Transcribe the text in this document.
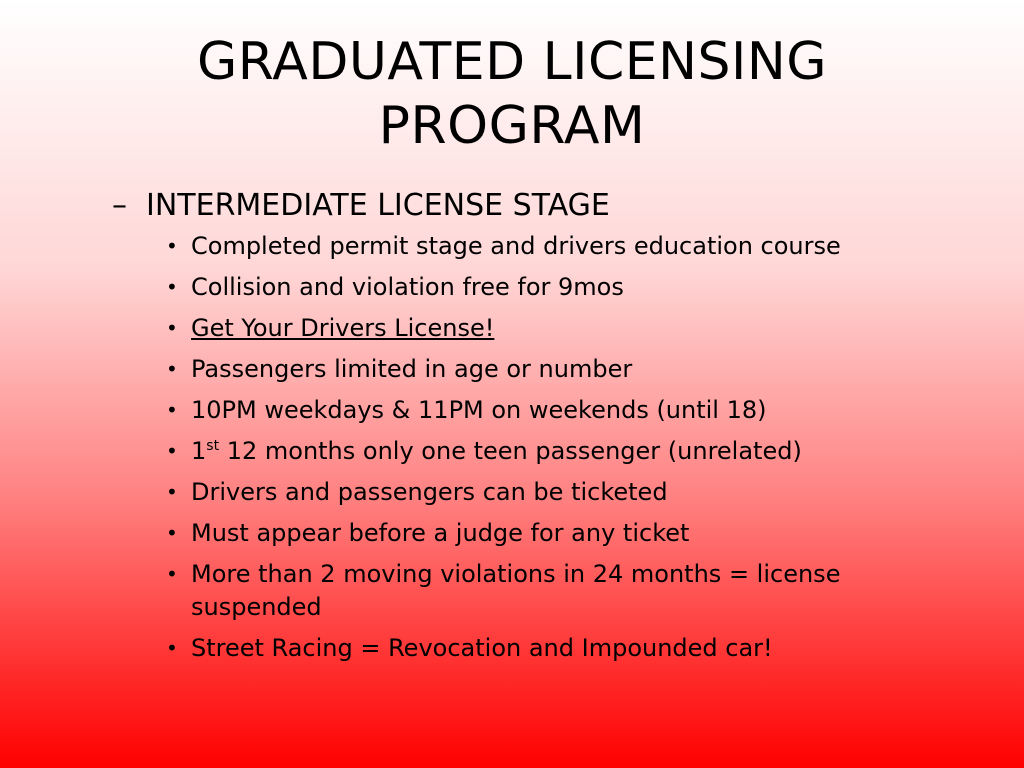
GRADUATED LICENSING
PROGRAM
– INTERMEDIATE LICENSE STAGE
• Completed permit stage and drivers education course
• Collision and violation free for 9mos
• Get Your Drivers License!
• Passengers limited in age or number
• 10PM weekdays & 11PM on weekends (until 18)
• 1st 12 months only one teen passenger (unrelated)
• Drivers and passengers can be ticketed
• Must appear before a judge for any ticket
• More than 2 moving violations in 24 months = license suspended
• Street Racing = Revocation and Impounded car!
